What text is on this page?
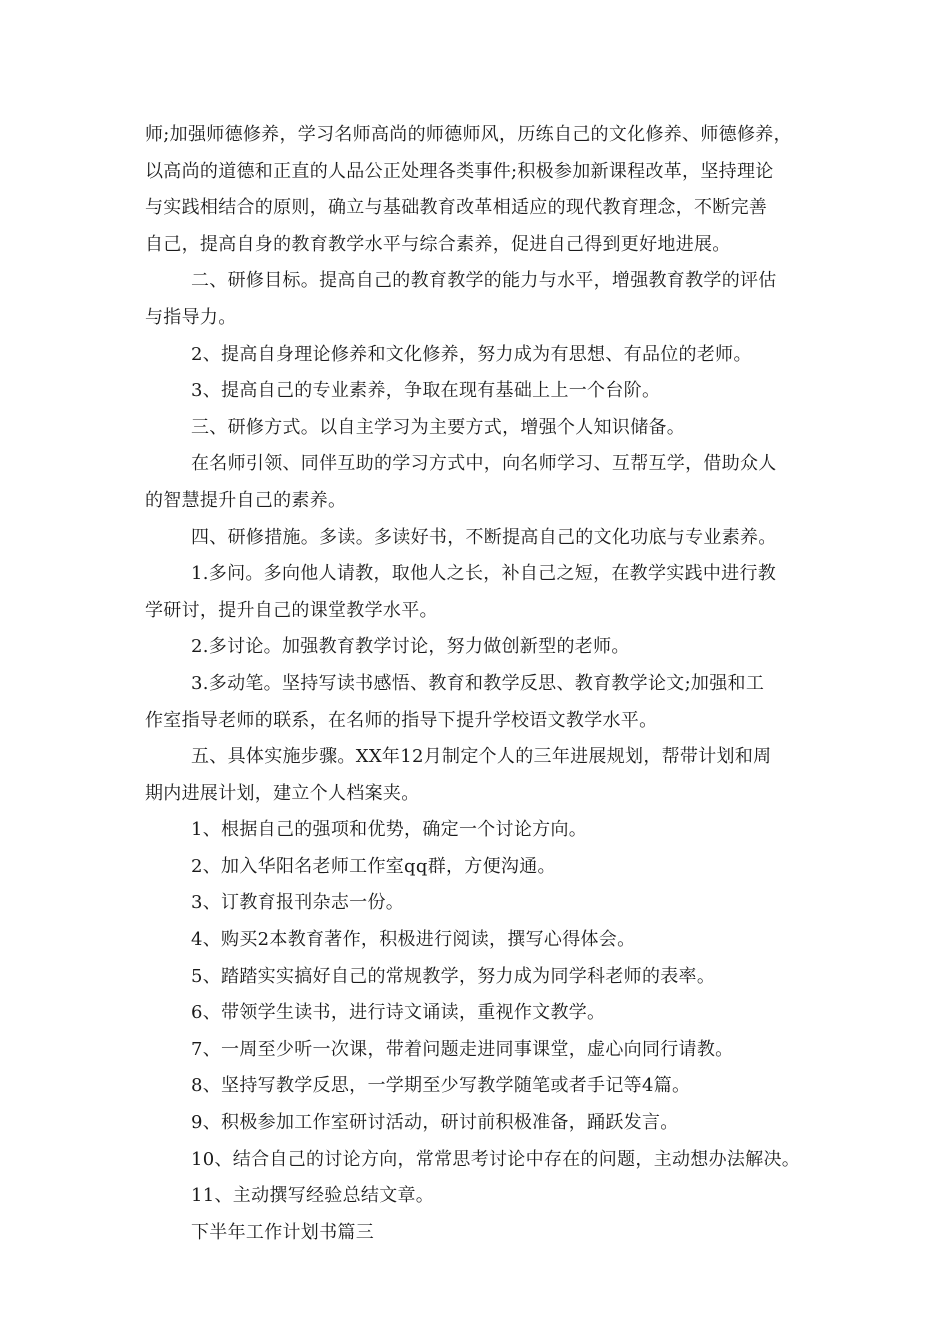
师;加强师德修养，学习名师高尚的师德师风，历练自己的文化修养、师德修养，
以高尚的道德和正直的人品公正处理各类事件;积极参加新课程改革，坚持理论
与实践相结合的原则，确立与基础教育改革相适应的现代教育理念，不断完善
自己，提高自身的教育教学水平与综合素养，促进自己得到更好地进展。
二、研修目标。提高自己的教育教学的能力与水平，增强教育教学的评估
与指导力。
2、提高自身理论修养和文化修养，努力成为有思想、有品位的老师。
3、提高自己的专业素养，争取在现有基础上上一个台阶。
三、研修方式。以自主学习为主要方式，增强个人知识储备。
在名师引领、同伴互助的学习方式中，向名师学习、互帮互学，借助众人
的智慧提升自己的素养。
四、研修措施。多读。多读好书，不断提高自己的文化功底与专业素养。
1.多问。多向他人请教，取他人之长，补自己之短，在教学实践中进行教
学研讨，提升自己的课堂教学水平。
2.多讨论。加强教育教学讨论，努力做创新型的老师。
3.多动笔。坚持写读书感悟、教育和教学反思、教育教学论文;加强和工
作室指导老师的联系，在名师的指导下提升学校语文教学水平。
五、具体实施步骤。XX年12月制定个人的三年进展规划，帮带计划和周
期内进展计划，建立个人档案夹。
1、根据自己的强项和优势，确定一个讨论方向。
2、加入华阳名老师工作室qq群，方便沟通。
3、订教育报刊杂志一份。
4、购买2本教育著作，积极进行阅读，撰写心得体会。
5、踏踏实实搞好自己的常规教学，努力成为同学科老师的表率。
6、带领学生读书，进行诗文诵读，重视作文教学。
7、一周至少听一次课，带着问题走进同事课堂，虚心向同行请教。
8、坚持写教学反思，一学期至少写教学随笔或者手记等4篇。
9、积极参加工作室研讨活动，研讨前积极准备，踊跃发言。
10、结合自己的讨论方向，常常思考讨论中存在的问题，主动想办法解决。
11、主动撰写经验总结文章。
下半年工作计划书篇三
